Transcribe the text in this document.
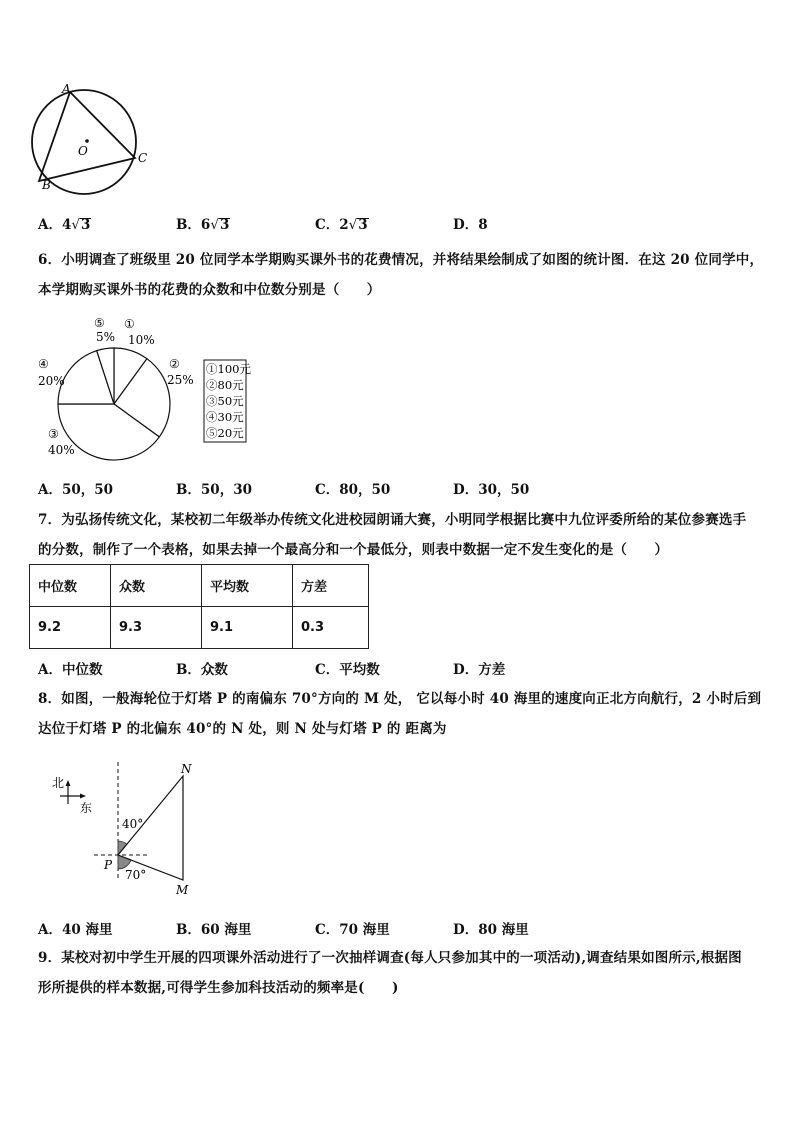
A
B
C
O
A．4√3	B．6√3	C．2√3	D．8
6．小明调查了班级里 20 位同学本学期购买课外书的花费情况，并将结果绘制成了如图的统计图．在这 20 位同学中，
本学期购买课外书的花费的众数和中位数分别是（　　）
⑤
5%
①
10%
②
25%
④
20%
③
40%
①100元
②80元
③50元
④30元
⑤20元
A．50，50	B．50，30	C．80，50	D．30，50
7．为弘扬传统文化，某校初二年级举办传统文化进校园朗诵大赛，小明同学根据比赛中九位评委所给的某位参赛选手
的分数，制作了一个表格，如果去掉一个最高分和一个最低分，则表中数据一定不发生变化的是（　　）
中位数	众数	平均数	方差
9.2	9.3	9.1	0.3
A．中位数	B．众数	C．平均数	D．方差
8．如图，一般海轮位于灯塔 P 的南偏东 70°方向的 M 处， 它以每小时 40 海里的速度向正北方向航行，2 小时后到
达位于灯塔 P 的北偏东 40°的 N 处，则 N 处与灯塔 P 的 距离为
北
东
N
P
M
40°
70°
A．40 海里	B．60 海里	C．70 海里	D．80 海里
9．某校对初中学生开展的四项课外活动进行了一次抽样调查(每人只参加其中的一项活动),调查结果如图所示,根据图
形所提供的样本数据,可得学生参加科技活动的频率是(　　)
